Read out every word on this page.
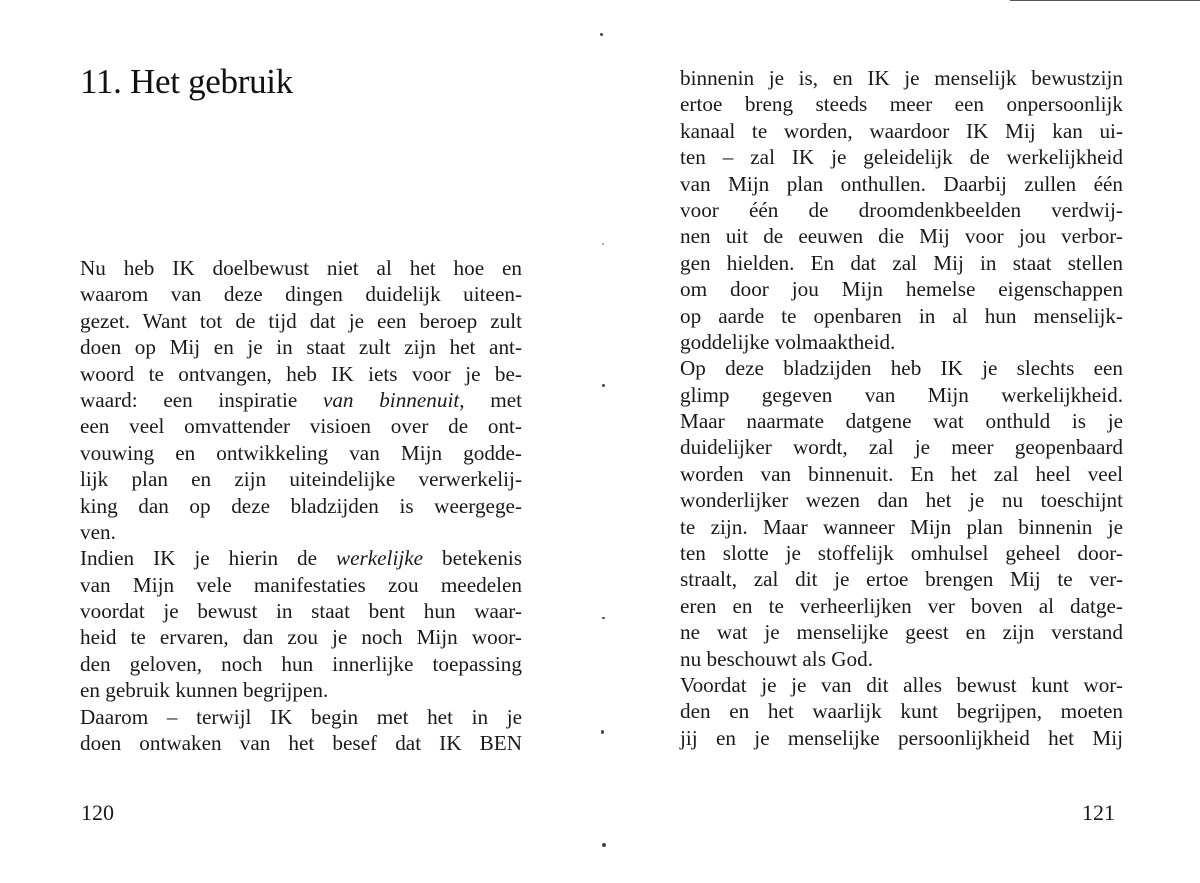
11. Het gebruik
Nu heb IK doelbewust niet al het hoe en
waarom van deze dingen duidelijk uiteen-
gezet. Want tot de tijd dat je een beroep zult
doen op Mij en je in staat zult zijn het ant-
woord te ontvangen, heb IK iets voor je be-
waard: een inspiratie van binnenuit, met
een veel omvattender visioen over de ont-
vouwing en ontwikkeling van Mijn godde-
lijk plan en zijn uiteindelijke verwerkelij-
king dan op deze bladzijden is weergege-
ven.
Indien IK je hierin de werkelijke betekenis
van Mijn vele manifestaties zou meedelen
voordat je bewust in staat bent hun waar-
heid te ervaren, dan zou je noch Mijn woor-
den geloven, noch hun innerlijke toepassing
en gebruik kunnen begrijpen.
Daarom – terwijl IK begin met het in je
doen ontwaken van het besef dat IK BEN

120

binnenin je is, en IK je menselijk bewustzijn
ertoe breng steeds meer een onpersoonlijk
kanaal te worden, waardoor IK Mij kan ui-
ten – zal IK je geleidelijk de werkelijkheid
van Mijn plan onthullen. Daarbij zullen één
voor één de droomdenkbeelden verdwij-
nen uit de eeuwen die Mij voor jou verbor-
gen hielden. En dat zal Mij in staat stellen
om door jou Mijn hemelse eigenschappen
op aarde te openbaren in al hun menselijk-
goddelijke volmaaktheid.
Op deze bladzijden heb IK je slechts een
glimp gegeven van Mijn werkelijkheid.
Maar naarmate datgene wat onthuld is je
duidelijker wordt, zal je meer geopenbaard
worden van binnenuit. En het zal heel veel
wonderlijker wezen dan het je nu toeschijnt
te zijn. Maar wanneer Mijn plan binnenin je
ten slotte je stoffelijk omhulsel geheel door-
straalt, zal dit je ertoe brengen Mij te ver-
eren en te verheerlijken ver boven al datge-
ne wat je menselijke geest en zijn verstand
nu beschouwt als God.
Voordat je je van dit alles bewust kunt wor-
den en het waarlijk kunt begrijpen, moeten
jij en je menselijke persoonlijkheid het Mij

121
